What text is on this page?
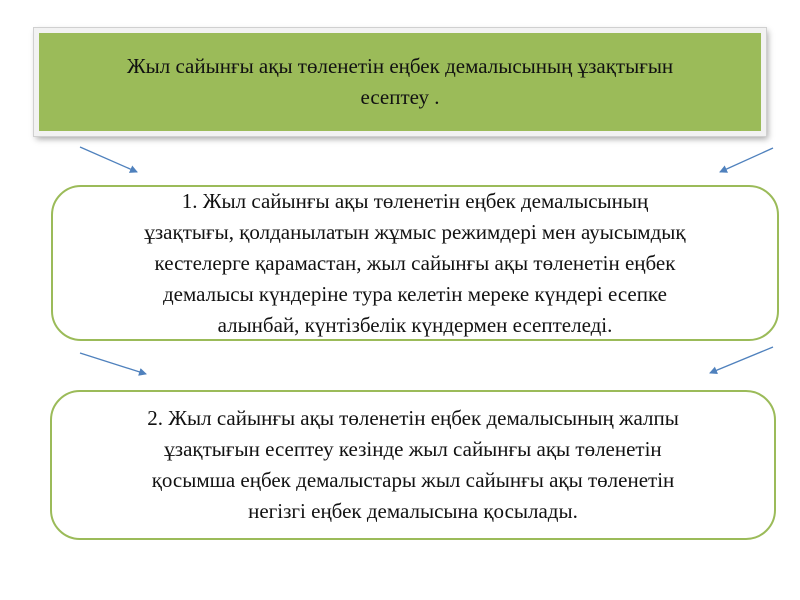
Жыл сайынғы ақы төленетін еңбек демалысының ұзақтығын
есептеу .
1. Жыл сайынғы ақы төленетін еңбек демалысының
ұзақтығы, қолданылатын жұмыс режимдері мен ауысымдық
кестелерге қарамастан, жыл сайынғы ақы төленетін еңбек
демалысы күндеріне тура келетін мереке күндері есепке
алынбай, күнтізбелік күндермен есептеледі.
2. Жыл сайынғы ақы төленетін еңбек демалысының жалпы
ұзақтығын есептеу кезінде жыл сайынғы ақы төленетін
қосымша еңбек демалыстары жыл сайынғы ақы төленетін
негізгі еңбек демалысына қосылады.
